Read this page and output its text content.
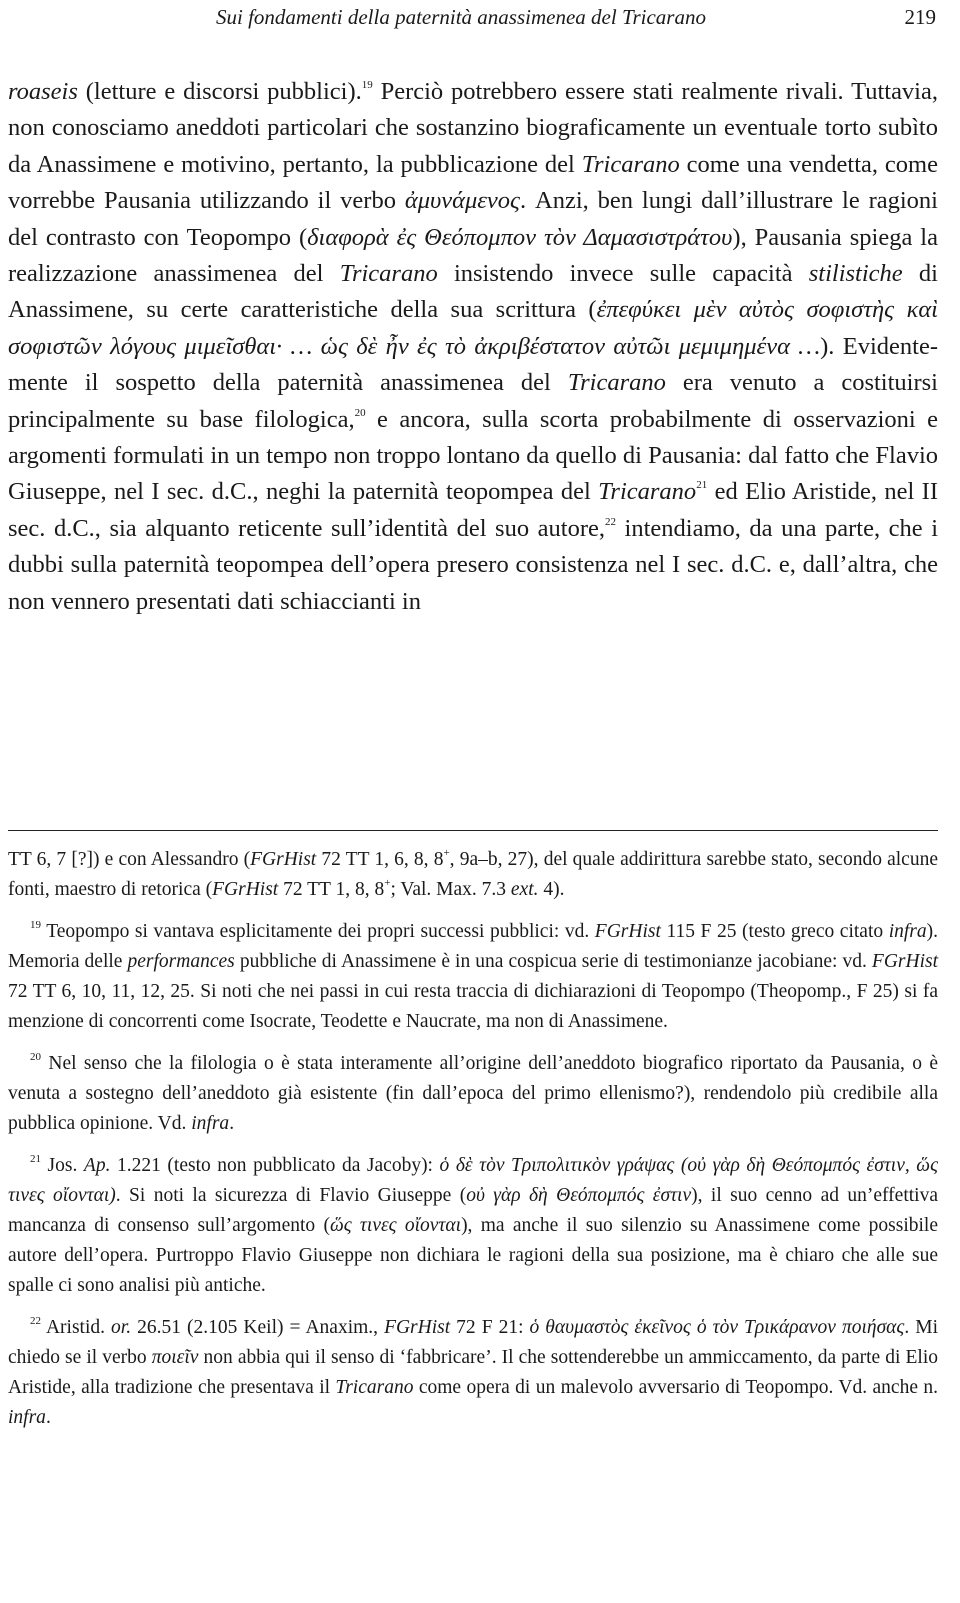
Sui fondamenti della paternità anassimenea del Tricarano	219

roaseis (letture e discorsi pubblici).$^{19}$ Perciò potrebbero essere stati realmente rivali. Tuttavia, non conosciamo aneddoti particolari che sostanzino biograficamente un eventuale torto subìto da Anassimene e motivino, pertanto, la pubblicazione del Tricarano come una vendetta, come vorrebbe Pausania utilizzando il verbo ἀμυνάμενος. Anzi, ben lungi dall’illustrare le ragioni del contrasto con Teopompo (διαφορὰ ἐς Θεόπομπον τὸν Δαμασιστράτου), Pausania spiega la realizzazione anassimenea del Tricarano insistendo invece sulle capacità stilistiche di Anassimene, su certe caratteristiche della sua scrittura (ἐπεφύκει μὲν αὐτὸς σοφιστὴς καὶ σοφιστῶν λόγους μιμεῖσθαι· … ὡς δὲ ἦν ἐς τὸ ἀκριβέστατον αὐτῶι μεμιμημένα …). Evidentemente il sospetto della paternità anassimenea del Tricarano era venuto a costituirsi principalmente su base filologica,$^{20}$ e ancora, sulla scorta probabilmente di osservazioni e argomenti formulati in un tempo non troppo lontano da quello di Pausania: dal fatto che Flavio Giuseppe, nel I sec. d.C., neghi la paternità teopompea del Tricarano$^{21}$ ed Elio Aristide, nel II sec. d.C., sia alquanto reticente sull’identità del suo autore,$^{22}$ intendiamo, da una parte, che i dubbi sulla paternità teopompea dell’opera presero consistenza nel I sec. d.C. e, dall’altra, che non vennero presentati dati schiaccianti in

TT 6, 7 [?]) e con Alessandro (FGrHist 72 TT 1, 6, 8, 8+, 9a–b, 27), del quale addirittura sarebbe stato, secondo alcune fonti, maestro di retorica (FGrHist 72 TT 1, 8, 8+; Val. Max. 7.3 ext. 4).

$^{19}$ Teopompo si vantava esplicitamente dei propri successi pubblici: vd. FGrHist 115 F 25 (testo greco citato infra). Memoria delle performances pubbliche di Anassimene è in una cospicua serie di testimonianze jacobiane: vd. FGrHist 72 TT 6, 10, 11, 12, 25. Si noti che nei passi in cui resta traccia di dichiarazioni di Teopompo (Theopomp., F 25) si fa menzione di concorrenti come Isocrate, Teodette e Naucrate, ma non di Anassimene.

$^{20}$ Nel senso che la filologia o è stata interamente all’origine dell’aneddoto biografico riportato da Pausania, o è venuta a sostegno dell’aneddoto già esistente (fin dall’epoca del primo ellenismo?), rendendolo più credibile alla pubblica opinione. Vd. infra.

$^{21}$ Jos. Ap. 1.221 (testo non pubblicato da Jacoby): ὁ δὲ τὸν Τριπολιτικὸν γράψας (οὐ γὰρ δὴ Θεόπομπός ἐστιν, ὥς τινες οἴονται). Si noti la sicurezza di Flavio Giuseppe (οὐ γὰρ δὴ Θεόπομπός ἐστιν), il suo cenno ad un’effettiva mancanza di consenso sull’argomento (ὥς τινες οἴονται), ma anche il suo silenzio su Anassimene come possibile autore dell’opera. Purtroppo Flavio Giuseppe non dichiara le ragioni della sua posizione, ma è chiaro che alle sue spalle ci sono analisi più antiche.

$^{22}$ Aristid. or. 26.51 (2.105 Keil) = Anaxim., FGrHist 72 F 21: ὁ θαυμαστὸς ἐκεῖνος ὁ τὸν Τρικάρανον ποιήσας. Mi chiedo se il verbo ποιεῖν non abbia qui il senso di ‘fabbricare’. Il che sottenderebbe un ammiccamento, da parte di Elio Aristide, alla tradizione che presentava il Tricarano come opera di un malevolo avversario di Teopompo. Vd. anche n. infra.
